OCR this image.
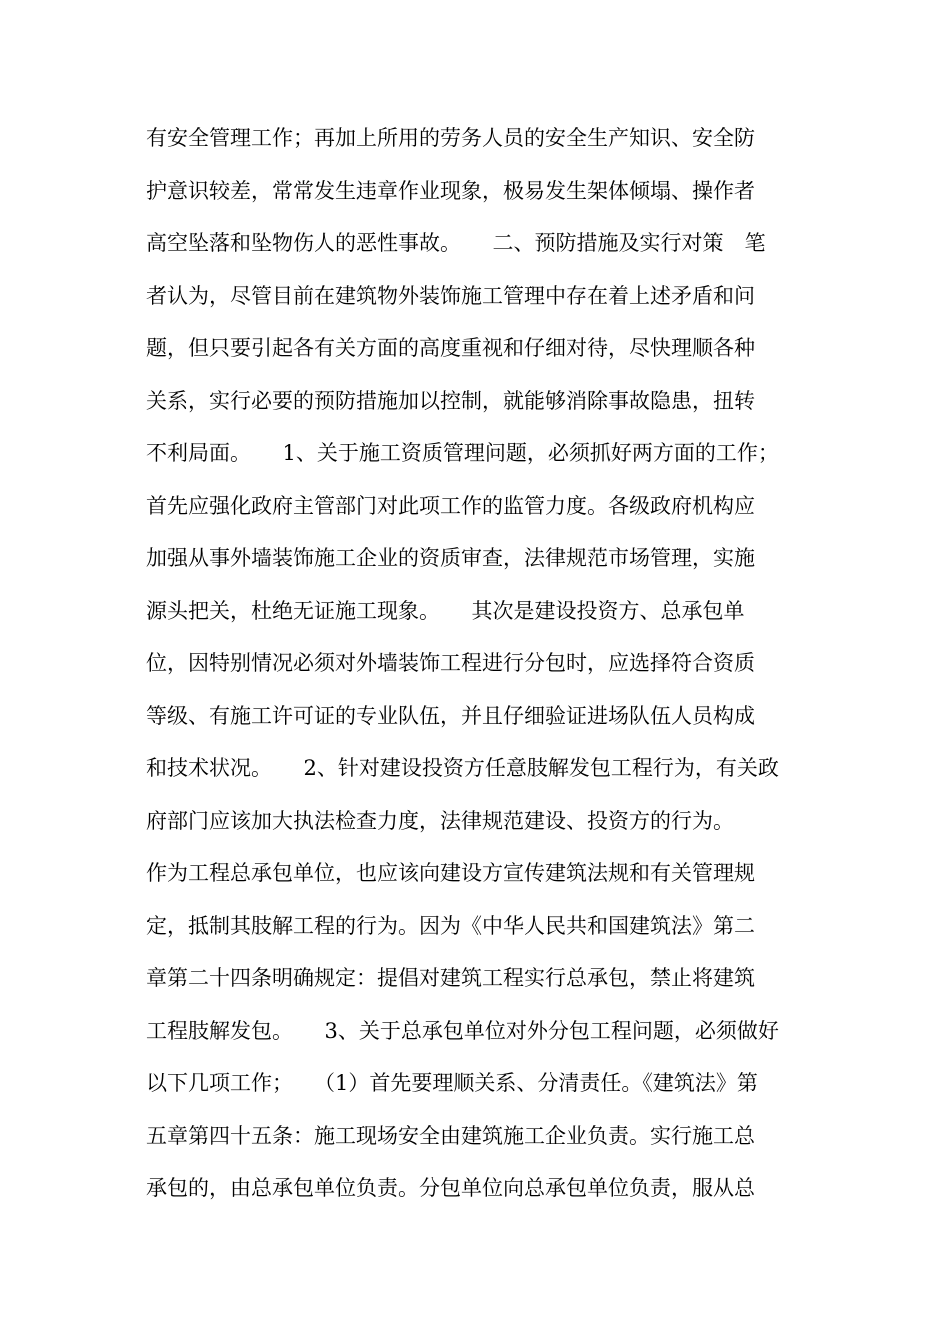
有安全管理工作；再加上所用的劳务人员的安全生产知识、安全防
护意识较差，常常发生违章作业现象，极易发生架体倾塌、操作者
高空坠落和坠物伤人的恶性事故。　　二、预防措施及实行对策　笔
者认为，尽管目前在建筑物外装饰施工管理中存在着上述矛盾和问
题，但只要引起各有关方面的高度重视和仔细对待，尽快理顺各种
关系，实行必要的预防措施加以控制，就能够消除事故隐患，扭转
不利局面。　　1、关于施工资质管理问题，必须抓好两方面的工作；
首先应强化政府主管部门对此项工作的监管力度。各级政府机构应
加强从事外墙装饰施工企业的资质审查，法律规范市场管理，实施
源头把关，杜绝无证施工现象。　　其次是建设投资方、总承包单
位，因特别情况必须对外墙装饰工程进行分包时，应选择符合资质
等级、有施工许可证的专业队伍，并且仔细验证进场队伍人员构成
和技术状况。　　2、针对建设投资方任意肢解发包工程行为，有关政
府部门应该加大执法检查力度，法律规范建设、投资方的行为。
作为工程总承包单位，也应该向建设方宣传建筑法规和有关管理规
定，抵制其肢解工程的行为。因为《中华人民共和国建筑法》第二
章第二十四条明确规定：提倡对建筑工程实行总承包，禁止将建筑
工程肢解发包。　　3、关于总承包单位对外分包工程问题，必须做好
以下几项工作；　　（1）首先要理顺关系、分清责任。《建筑法》第
五章第四十五条：施工现场安全由建筑施工企业负责。实行施工总
承包的，由总承包单位负责。分包单位向总承包单位负责，服从总
